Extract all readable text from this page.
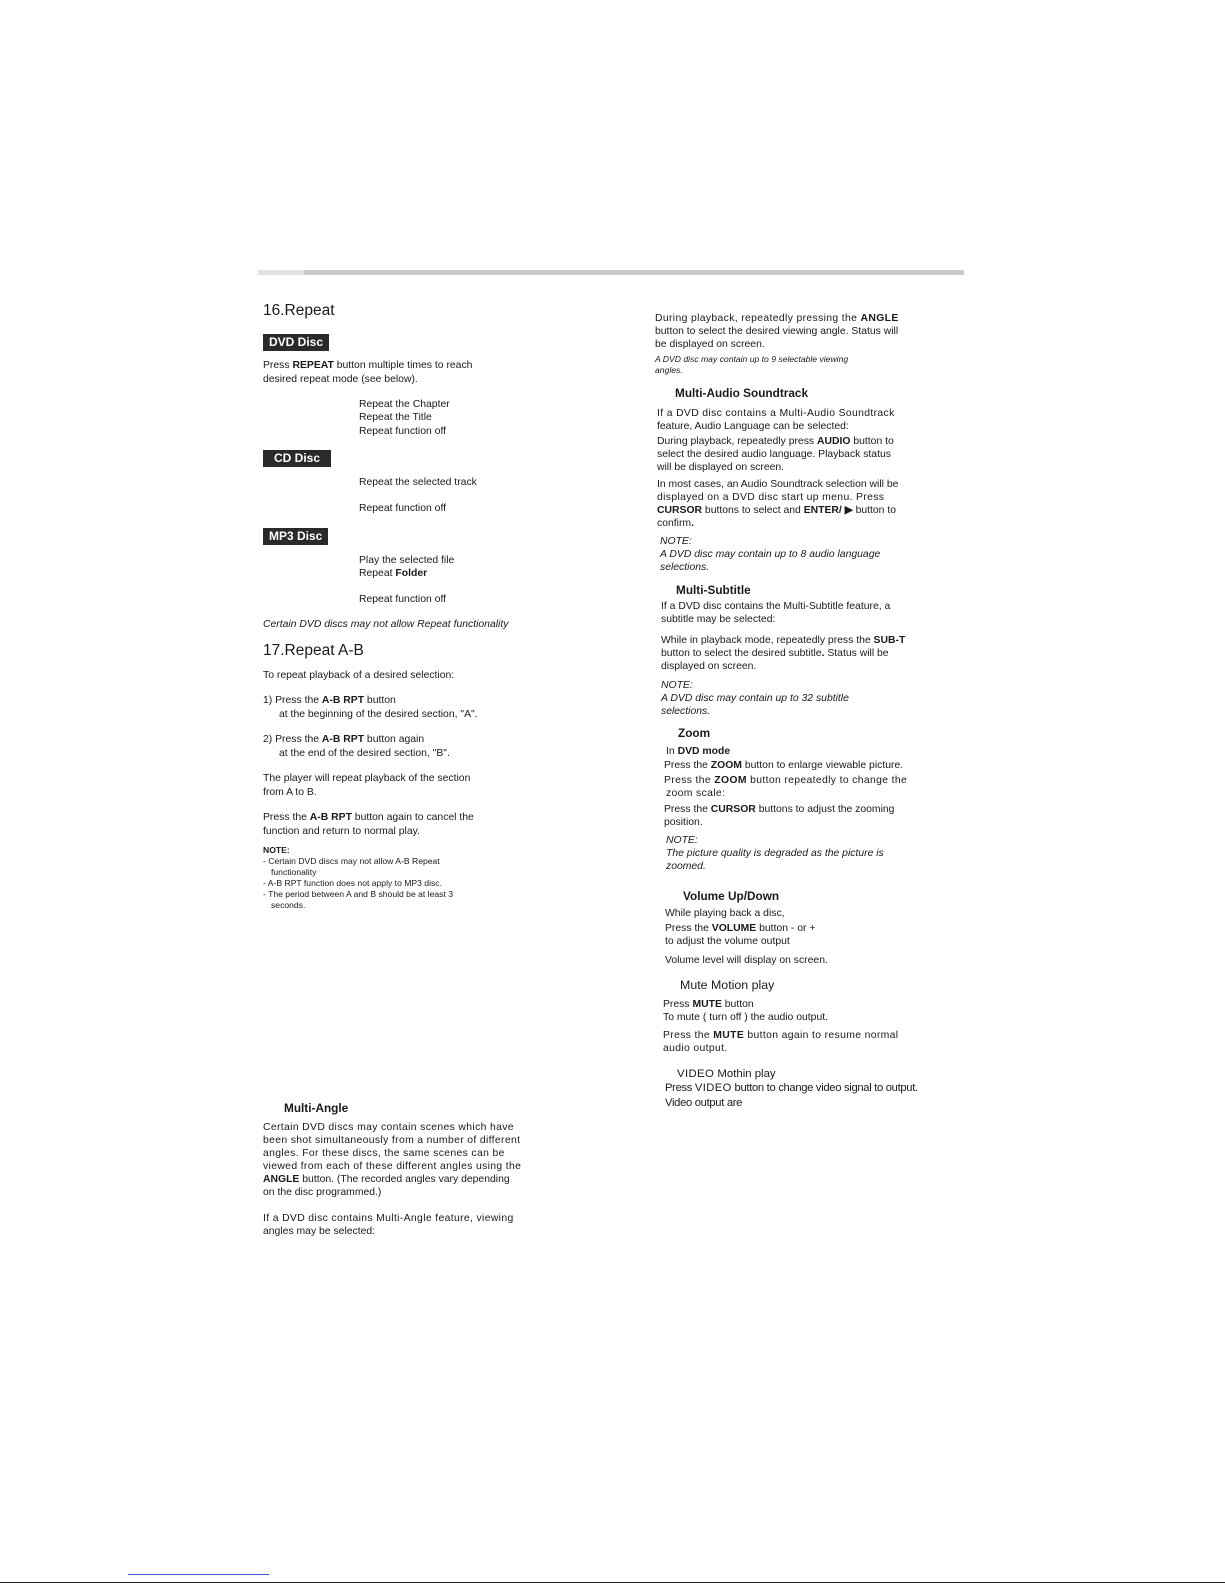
16.Repeat
DVD Disc
Press REPEAT button multiple times to reach
desired repeat mode (see below).
Repeat the Chapter
Repeat the Title
Repeat function off
CD Disc
Repeat the selected track
Repeat function off
MP3 Disc
Play the selected file
Repeat Folder
Repeat function off
Certain DVD discs may not allow Repeat functionality
17.Repeat A-B
To repeat playback of a desired selection:
1) Press the A-B RPT button
at the beginning of the desired section, "A".
2) Press the A-B RPT button again
at the end of the desired section, "B".
The player will repeat playback of the section
from A to B.
Press the A-B RPT button again to cancel the
function and return to normal play.
NOTE:
- Certain DVD discs may not allow A-B Repeat
functionality
- A-B RPT function does not apply to MP3 disc.
- The period between A and B should be at least 3
seconds.
Multi-Angle
Certain DVD discs may contain scenes which have
been shot simultaneously from a number of different
angles. For these discs, the same scenes can be
viewed from each of these different angles using the
ANGLE button. (The recorded angles vary depending
on the disc programmed.)
If a DVD disc contains Multi-Angle feature, viewing
angles may be selected:
During playback, repeatedly pressing the ANGLE
button to select the desired viewing angle. Status will
be displayed on screen.
A DVD disc may contain up to 9 selectable viewing
angles.
Multi-Audio Soundtrack
If a DVD disc contains a Multi-Audio Soundtrack
feature, Audio Language can be selected:
During playback, repeatedly press AUDIO button to
select the desired audio language. Playback status
will be displayed on screen.
In most cases, an Audio Soundtrack selection will be
displayed on a DVD disc start up menu. Press
CURSOR buttons to select and ENTER/ ▶ button to
confirm.
NOTE:
A DVD disc may contain up to 8 audio language
selections.
Multi-Subtitle
If a DVD disc contains the Multi-Subtitle feature, a
subtitle may be selected:
While in playback mode, repeatedly press the SUB-T
button to select the desired subtitle. Status will be
displayed on screen.
NOTE:
A DVD disc may contain up to 32 subtitle
selections.
Zoom
In DVD mode
Press the ZOOM button to enlarge viewable picture.
Press the ZOOM button repeatedly to change the
zoom scale:
Press the CURSOR buttons to adjust the zooming
position.
NOTE:
The picture quality is degraded as the picture is
zoomed.
Volume Up/Down
While playing back a disc,
Press the VOLUME button - or +
to adjust the volume output
Volume level will display on screen.
Mute Motion play
Press MUTE button
To mute ( turn off ) the audio output.
Press the MUTE button again to resume normal
audio output.
VIDEO Mothin play
Press VIDEO button to change video signal to output.
Video output are
